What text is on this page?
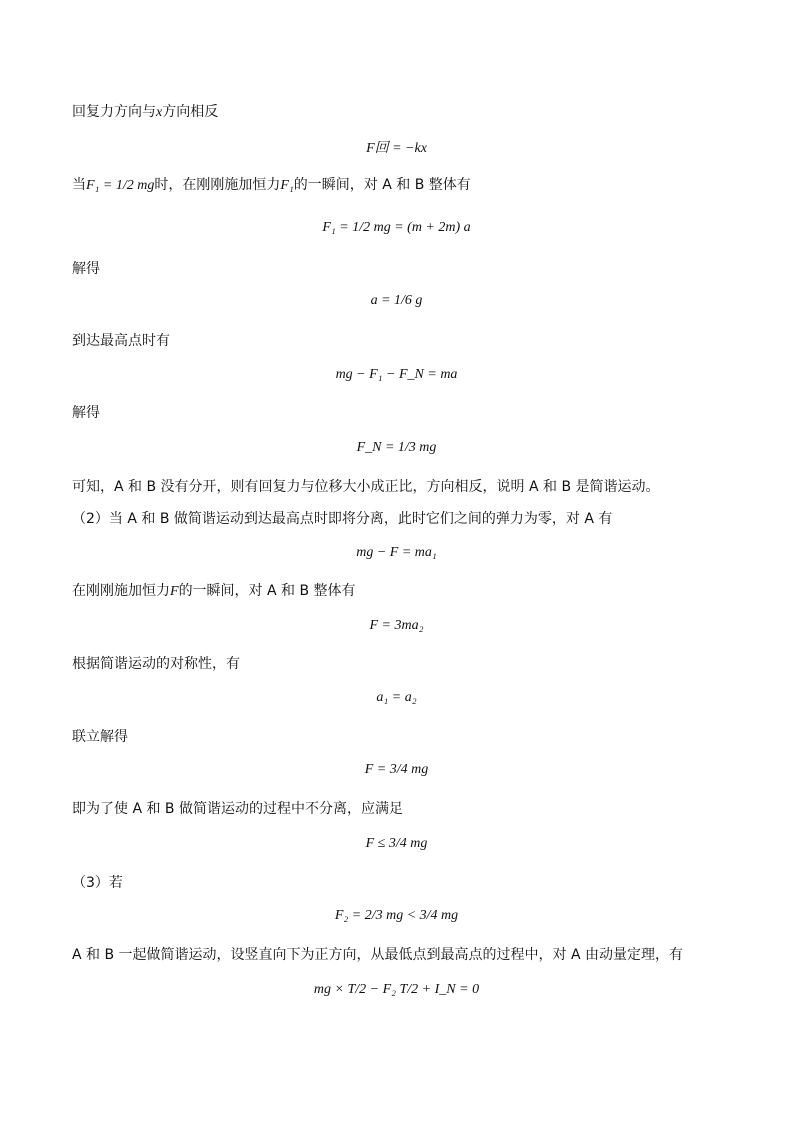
回复力方向与x方向相反
F回 = −kx
当F₁ = 1/2 mg时，在刚刚施加恒力F₁的一瞬间，对 A 和 B 整体有
F₁ = 1/2 mg = (m + 2m) a
解得
a = 1/6 g
到达最高点时有
mg − F₁ − F_N = ma
解得
F_N = 1/3 mg
可知，A 和 B 没有分开，则有回复力与位移大小成正比，方向相反，说明 A 和 B 是简谐运动。
（2）当 A 和 B 做简谐运动到达最高点时即将分离，此时它们之间的弹力为零，对 A 有
mg − F = ma₁
在刚刚施加恒力F的一瞬间，对 A 和 B 整体有
F = 3ma₂
根据简谐运动的对称性，有
a₁ = a₂
联立解得
F = 3/4 mg
即为了使 A 和 B 做简谐运动的过程中不分离，应满足
F ≤ 3/4 mg
（3）若
F₂ = 2/3 mg < 3/4 mg
A 和 B 一起做简谐运动，设竖直向下为正方向，从最低点到最高点的过程中，对 A 由动量定理，有
mg × T/2 − F₂ T/2 + I_N = 0
